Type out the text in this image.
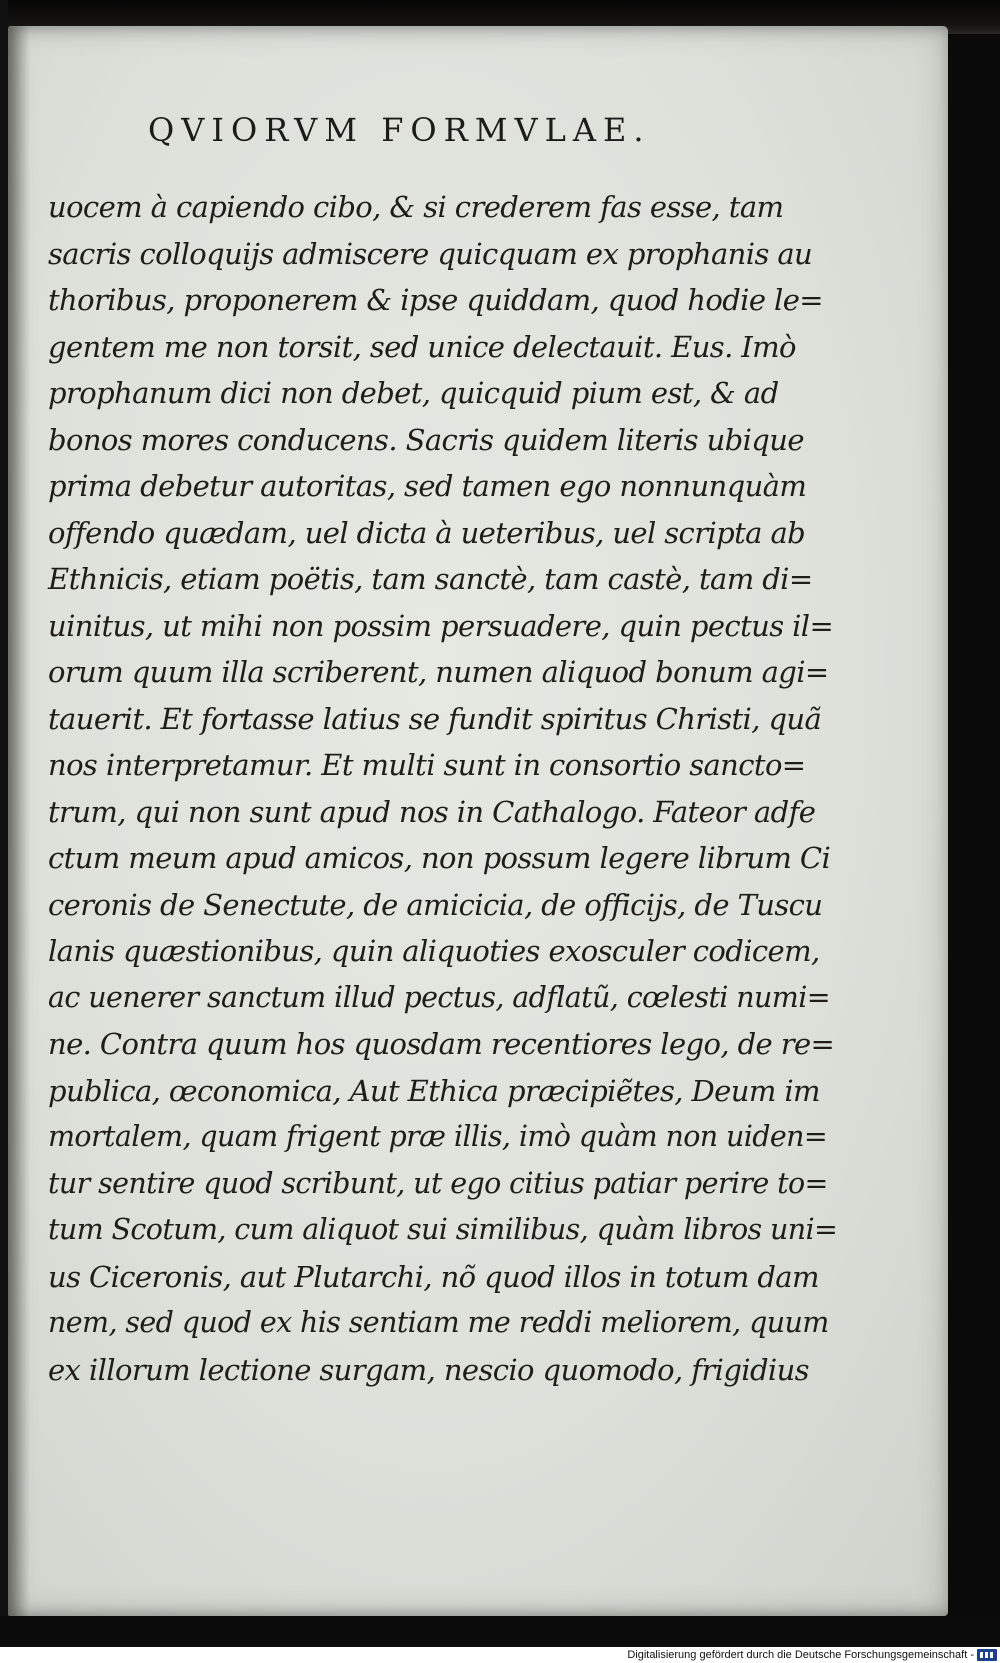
QVIORVM FORMVLAE.
uocem à capiendo cibo, & si crederem fas esse, tam
sacris colloquijs admiscere quicquam ex prophanis au
thoribus, proponerem & ipse quiddam, quod hodie le=
gentem me non torsit, sed unice delectauit. Eus. Imò
prophanum dici non debet, quicquid pium est, & ad
bonos mores conducens. Sacris quidem literis ubique
prima debetur autoritas, sed tamen ego nonnunquàm
offendo quædam, uel dicta à ueteribus, uel scripta ab
Ethnicis, etiam poëtis, tam sanctè, tam castè, tam di=
uinitus, ut mihi non possim persuadere, quin pectus il=
orum quum illa scriberent, numen aliquod bonum agi=
tauerit. Et fortasse latius se fundit spiritus Christi, quã
nos interpretamur. Et multi sunt in consortio sancto=
trum, qui non sunt apud nos in Cathalogo. Fateor adfe
ctum meum apud amicos, non possum legere librum Ci
ceronis de Senectute, de amicicia, de officijs, de Tuscu
lanis quæstionibus, quin aliquoties exosculer codicem,
ac uenerer sanctum illud pectus, adflatũ, cœlesti numi=
ne. Contra quum hos quosdam recentiores lego, de re=
publica, œconomica, Aut Ethica præcipiẽtes, Deum im
mortalem, quam frigent præ illis, imò quàm non uiden=
tur sentire quod scribunt, ut ego citius patiar perire to=
tum Scotum, cum aliquot sui similibus, quàm libros uni=
us Ciceronis, aut Plutarchi, nõ quod illos in totum dam
nem, sed quod ex his sentiam me reddi meliorem, quum
ex illorum lectione surgam, nescio quomodo, frigidius
Digitalisierung gefördert durch die Deutsche Forschungsgemeinschaft -
